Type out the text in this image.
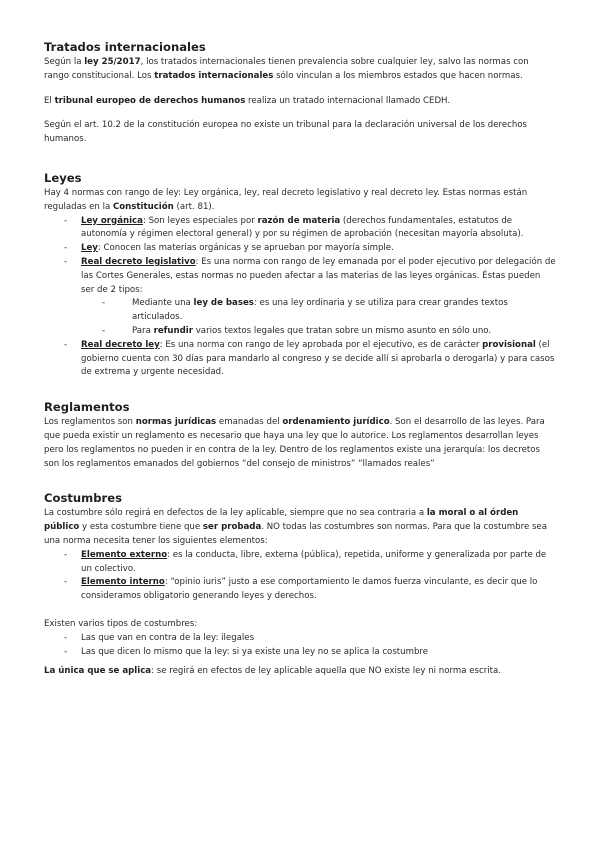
Tratados internacionales

Según la ley 25/2017, los tratados internacionales tienen prevalencia sobre cualquier ley, salvo las normas con rango constitucional. Los tratados internacionales sólo vinculan a los miembros estados que hacen normas.

El tribunal europeo de derechos humanos realiza un tratado internacional llamado CEDH.

Según el art. 10.2 de la constitución europea no existe un tribunal para la declaración universal de los derechos humanos.

Leyes

Hay 4 normas con rango de ley: Ley orgánica, ley, real decreto legislativo y real decreto ley. Estas normas están reguladas en la Constitución (art. 81).

- Ley orgánica: Son leyes especiales por razón de materia (derechos fundamentales, estatutos de autonomía y régimen electoral general) y por su régimen de aprobación (necesitan mayoría absoluta).
- Ley: Conocen las materias orgánicas y se aprueban por mayoría simple.
- Real decreto legislativo: Es una norma con rango de ley emanada por el poder ejecutivo por delegación de las Cortes Generales, estas normas no pueden afectar a las materias de las leyes orgánicas. Éstas pueden ser de 2 tipos:
-	Mediante una ley de bases: es una ley ordinaria y se utiliza para crear grandes textos articulados.
-	Para refundir varios textos legales que tratan sobre un mismo asunto en sólo uno.
- Real decreto ley: Es una norma con rango de ley aprobada por el ejecutivo, es de carácter provisional (el gobierno cuenta con 30 días para mandarlo al congreso y se decide allí si aprobarla o derogarla) y para casos de extrema y urgente necesidad.
Reglamentos

Los reglamentos son normas jurídicas emanadas del ordenamiento jurídico. Son el desarrollo de las leyes. Para que pueda existir un reglamento es necesario que haya una ley que lo autorice. Los reglamentos desarrollan leyes pero los reglamentos no pueden ir en contra de la ley. Dentro de los reglamentos existe una jerarquía: los decretos son los reglamentos emanados del gobiernos “del consejo de ministros” “llamados reales”

Costumbres

La costumbre sólo regirá en defectos de la ley aplicable, siempre que no sea contraria a la moral o al órden público y esta costumbre tiene que ser probada. NO todas las costumbres son normas. Para que la costumbre sea una norma necesita tener los siguientes elementos:

- Elemento externo: es la conducta, libre, externa (pública), repetida, uniforme y generalizada por parte de un colectivo.
- Elemento interno: “opinio iuris” justo a ese comportamiento le damos fuerza vinculante, es decir que lo consideramos obligatorio generando leyes y derechos.

Existen varios tipos de costumbres:

- Las que van en contra de la ley: ilegales
- Las que dicen lo mismo que la ley: si ya existe una ley no se aplica la costumbre

La única que se aplica: se regirá en efectos de ley aplicable aquella que NO existe ley ni norma escrita.
